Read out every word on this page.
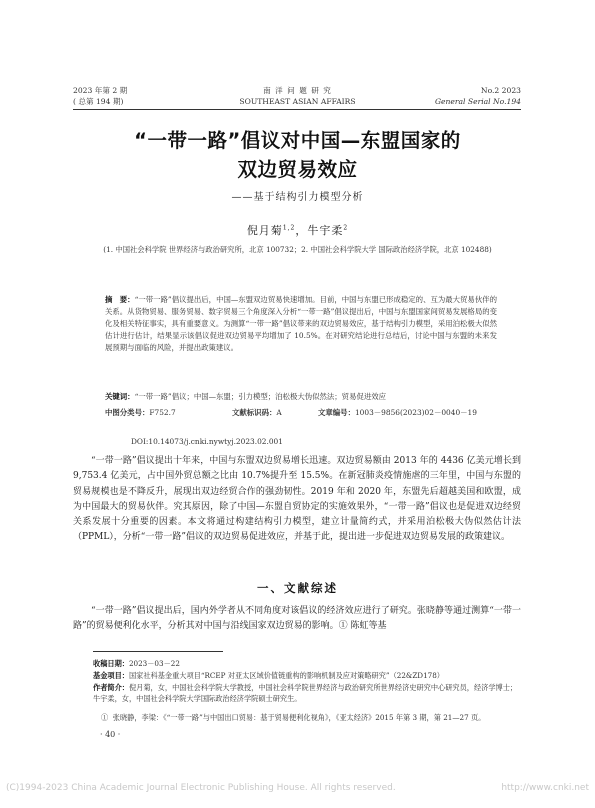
2023 年第 2 期
( 总第 194 期)
南 洋 问 题 研 究
SOUTHEAST ASIAN AFFAIRS
No.2 2023
General Serial No.194
“一带一路”倡议对中国—东盟国家的
双边贸易效应
——基于结构引力模型分析
倪月菊$^{1,2}$，牛宇柔$^2$
(1. 中国社会科学院 世界经济与政治研究所，北京 100732；2. 中国社会科学院大学 国际政治经济学院，北京 102488)
摘　要：“一带一路”倡议提出后，中国—东盟双边贸易快速增加。目前，中国与东盟已形成稳定的、互为最大贸易伙伴的关系。从货物贸易、服务贸易、数字贸易三个角度深入分析“一带一路”倡议提出后，中国与东盟国家间贸易发展格局的变化及相关特征事实，具有重要意义。为测算“一带一路”倡议带来的双边贸易效应，基于结构引力模型，采用泊松极大似然估计进行估计，结果显示该倡议促进双边贸易平均增加了 10.5%。在对研究结论进行总结后，讨论中国与东盟的未来发展预期与面临的风险，并提出政策建议。
关键词：“一带一路”倡议；中国—东盟；引力模型；泊松极大伪似然法；贸易促进效应
中图分类号：F752.7	文献标识码：A	文章编号：1003－9856(2023)02－0040－19
DOI:10.14073/j.cnki.nywtyj.2023.02.001
“一带一路”倡议提出十年来，中国与东盟双边贸易增长迅速。双边贸易额由 2013 年的 4436 亿美元增长到 9,753.4 亿美元，占中国外贸总额之比由 10.7%提升至 15.5%。在新冠肺炎疫情施虐的三年里，中国与东盟的贸易规模也是不降反升，展现出双边经贸合作的强劲韧性。2019 年和 2020 年，东盟先后超越美国和欧盟，成为中国最大的贸易伙伴。究其原因，除了中国—东盟自贸协定的实施效果外，“一带一路”倡议也是促进双边经贸关系发展十分重要的因素。本文将通过构建结构引力模型，建立计量简约式，并采用泊松极大伪似然估计法（PPML），分析“一带一路”倡议的双边贸易促进效应，并基于此，提出进一步促进双边贸易发展的政策建议。
一、文献综述
“一带一路”倡议提出后，国内外学者从不同角度对该倡议的经济效应进行了研究。张晓静等通过测算“一带一路”的贸易便利化水平，分析其对中国与沿线国家双边贸易的影响。① 陈虹等基
收稿日期：2023－03－22
基金项目：国家社科基金重大项目“RCEP 对亚太区域价值链重构的影响机制及应对策略研究”（22&ZD178）
作者简介：倪月菊，女，中国社会科学院大学教授，中国社会科学院世界经济与政治研究所世界经济史研究中心研究员，经济学博士；牛宇柔，女，中国社会科学院大学国际政治经济学院硕士研究生。
① 张晓静，李梁：《“一带一路”与中国出口贸易：基于贸易便利化视角》，《亚太经济》2015 年第 3 期，第 21—27 页。
· 40 ·
(C)1994-2023 China Academic Journal Electronic Publishing House. All rights reserved.	http://www.cnki.net
